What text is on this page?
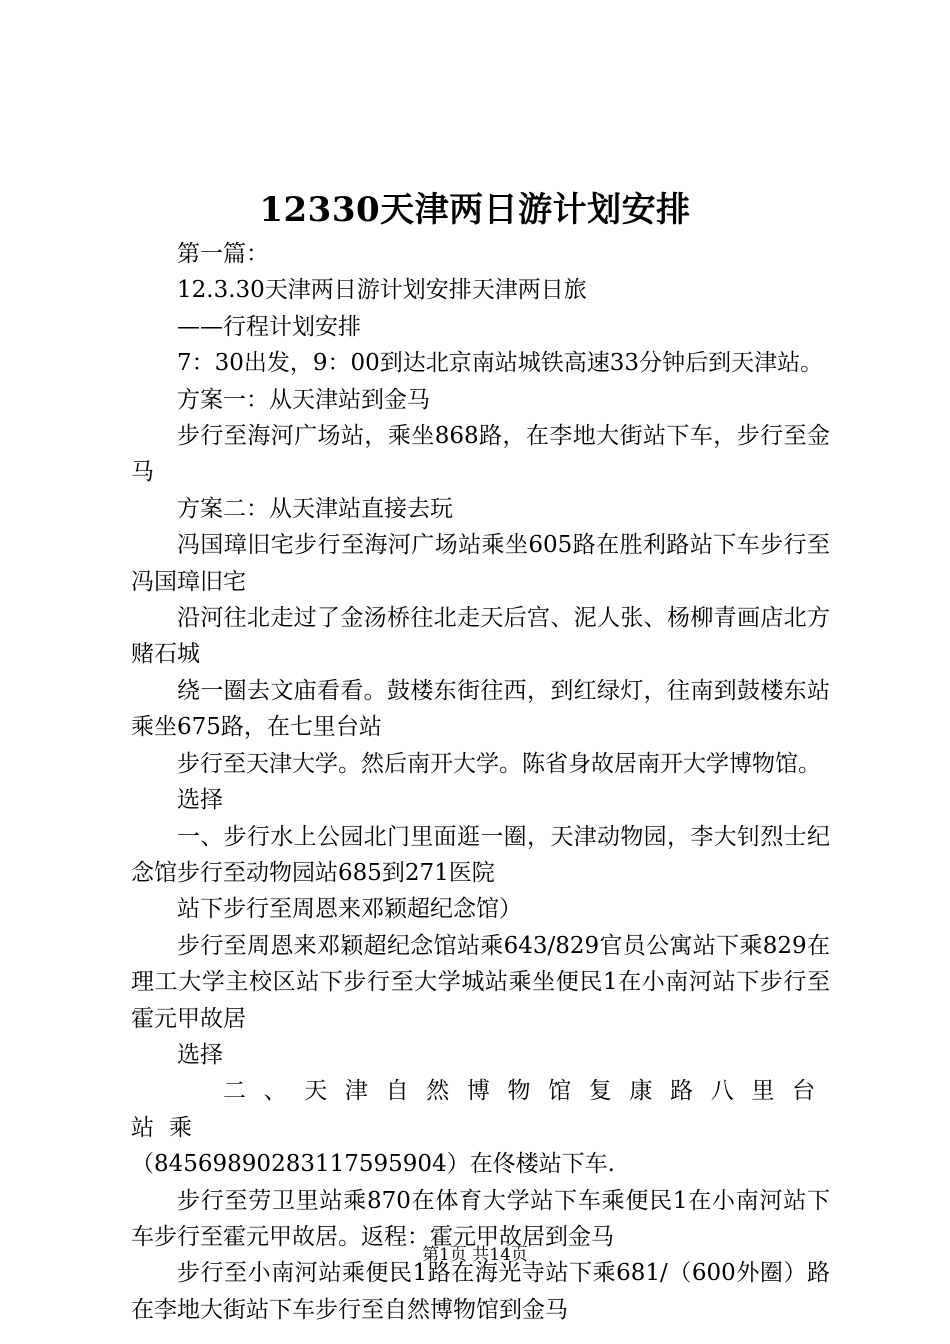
12330天津两日游计划安排

第一篇：

12.3.30天津两日游计划安排天津两日旅

——行程计划安排

7：30出发，9：00到达北京南站城铁高速33分钟后到天津站。

方案一：从天津站到金马

步行至海河广场站，乘坐868路，在李地大街站下车，步行至金马

方案二：从天津站直接去玩

冯国璋旧宅步行至海河广场站乘坐605路在胜利路站下车步行至冯国璋旧宅

沿河往北走过了金汤桥往北走天后宫、泥人张、杨柳青画店北方赌石城

绕一圈去文庙看看。鼓楼东街往西，到红绿灯，往南到鼓楼东站乘坐675路，在七里台站

步行至天津大学。然后南开大学。陈省身故居南开大学博物馆。

选择

一、步行水上公园北门里面逛一圈，天津动物园，李大钊烈士纪念馆步行至动物园站685到271医院

站下步行至周恩来邓颖超纪念馆）

步行至周恩来邓颖超纪念馆站乘643/829官员公寓站下乘829在理工大学主校区站下步行至大学城站乘坐便民1在小南河站下步行至霍元甲故居

选择

二、天津自然博物馆复康路八里台站乘

（84569890283117595904）在佟楼站下车.

步行至劳卫里站乘870在体育大学站下车乘便民1在小南河站下车步行至霍元甲故居。返程：霍元甲故居到金马

步行至小南河站乘便民1路在海光寺站下乘681/（600外圈）路在李地大街站下车步行至自然博物馆到金马

第1页 共14页
